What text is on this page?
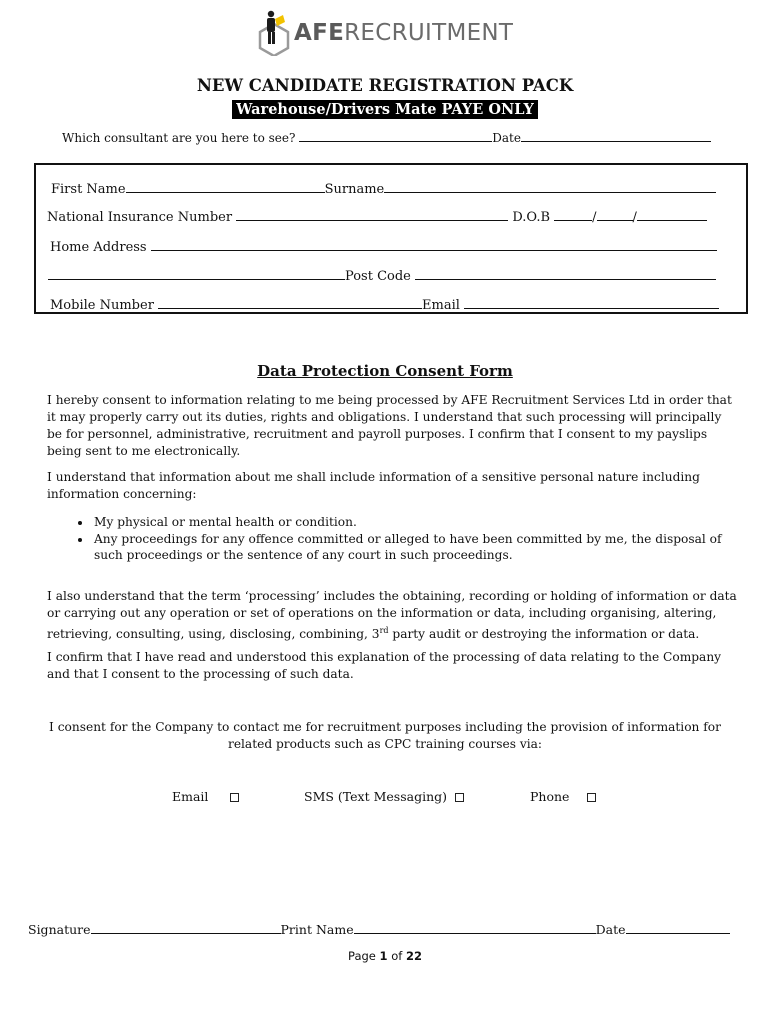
AFERECRUITMENT
NEW CANDIDATE REGISTRATION PACK
Warehouse/Drivers Mate PAYE ONLY
Which consultant are you here to see?	Date
First Name	Surname
National Insurance Number	D.O.B	/	/
Home Address
Post Code
Mobile Number	Email
Data Protection Consent Form

I hereby consent to information relating to me being processed by AFE Recruitment Services Ltd in order that it may properly carry out its duties, rights and obligations. I understand that such processing will principally be for personnel, administrative, recruitment and payroll purposes. I confirm that I consent to my payslips being sent to me electronically.

I understand that information about me shall include information of a sensitive personal nature including information concerning:

• My physical or mental health or condition.
• Any proceedings for any offence committed or alleged to have been committed by me, the disposal of such proceedings or the sentence of any court in such proceedings.

I also understand that the term ‘processing’ includes the obtaining, recording or holding of information or data or carrying out any operation or set of operations on the information or data, including organising, altering, retrieving, consulting, using, disclosing, combining, 3rd party audit or destroying the information or data.

I confirm that I have read and understood this explanation of the processing of data relating to the Company and that I consent to the processing of such data.

I consent for the Company to contact me for recruitment purposes including the provision of information for
related products such as CPC training courses via:
Email	SMS (Text Messaging)	Phone
Signature	Print Name	Date
Page 1 of 22
